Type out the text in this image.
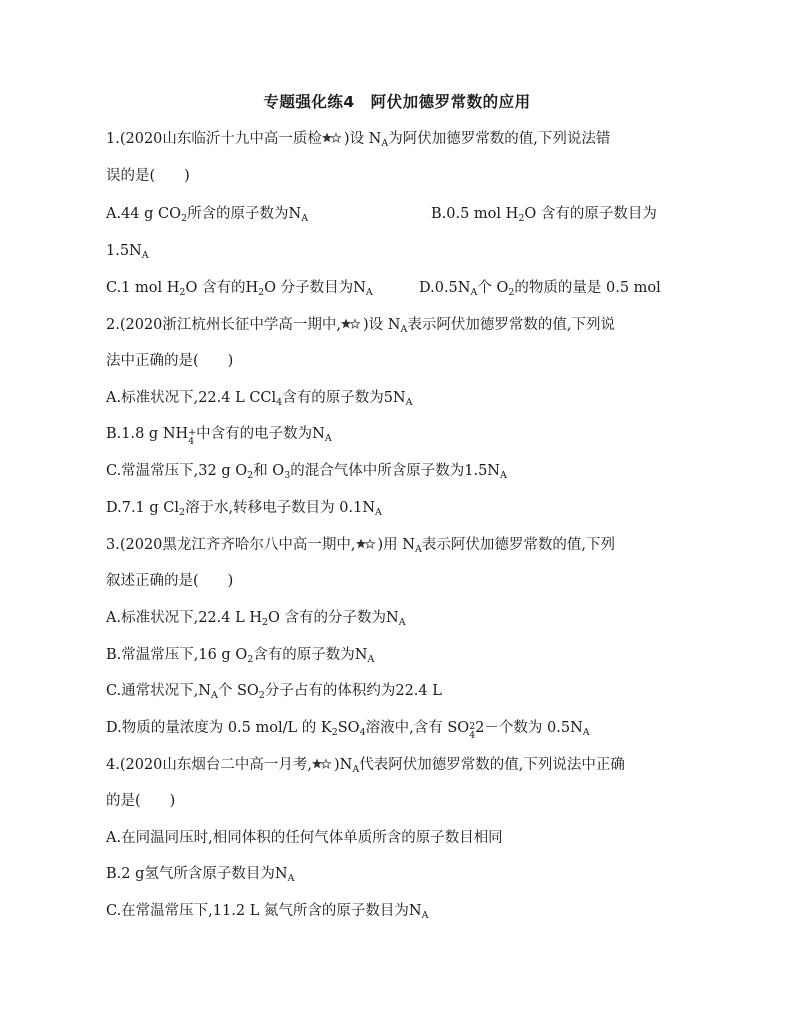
专题强化练4　阿伏加德罗常数的应用
1.(2020山东临沂十九中高一质检 )设 $N_A$为阿伏加德罗常数的值,下列说法错
误的是(　　)
A.44 g $CO_2$所含的原子数为$N_A$	B.0.5 mol $H_2O$ 含有的原子数目为
$1.5N_A$
C.1 mol $H_2O$ 含有的$H_2O$ 分子数目为$N_A$	$D.0.5N_A$个 $O_2$的物质的量是 0.5 mol
2.(2020浙江杭州长征中学高一期中, )设 $N_A$表示阿伏加德罗常数的值,下列说
法中正确的是(　　)
A.标准状况下,22.4 L CCl$_4$含有的原子数为$5N_A$
B.1.8 g NH +
4 中含有的电子数为$N_A$
C.常温常压下,32 g $O_2$和 $O_3$的混合气体中所含原子数为$1.5N_A$
D.7.1 g $Cl_2$溶于水,转移电子数目为 $0.1N_A$
3.(2020黑龙江齐齐哈尔八中高一期中, )用 $N_A$表示阿伏加德罗常数的值,下列
叙述正确的是(　　)
A.标准状况下,22.4 L $H_2O$ 含有的分子数为$N_A$
B.常温常压下,16 g $O_2$含有的原子数为$N_A$
C.通常状况下$,N_A$个 $SO_2$分子占有的体积约为22.4 L
D.物质的量浓度为 0.5 mol/L 的 $K_2SO_4$溶液中,含有 SO 2
4 2－个数为 $0.5N_A$
4.(2020山东烟台二中高一月考, )$N_A$代表阿伏加德罗常数的值,下列说法中正确
的是(　　)
A.在同温同压时,相同体积的任何气体单质所含的原子数目相同
B.2 g氢气所含原子数目为$N_A$
C.在常温常压下,11.2 L 氮气所含的原子数目为$N_A$
